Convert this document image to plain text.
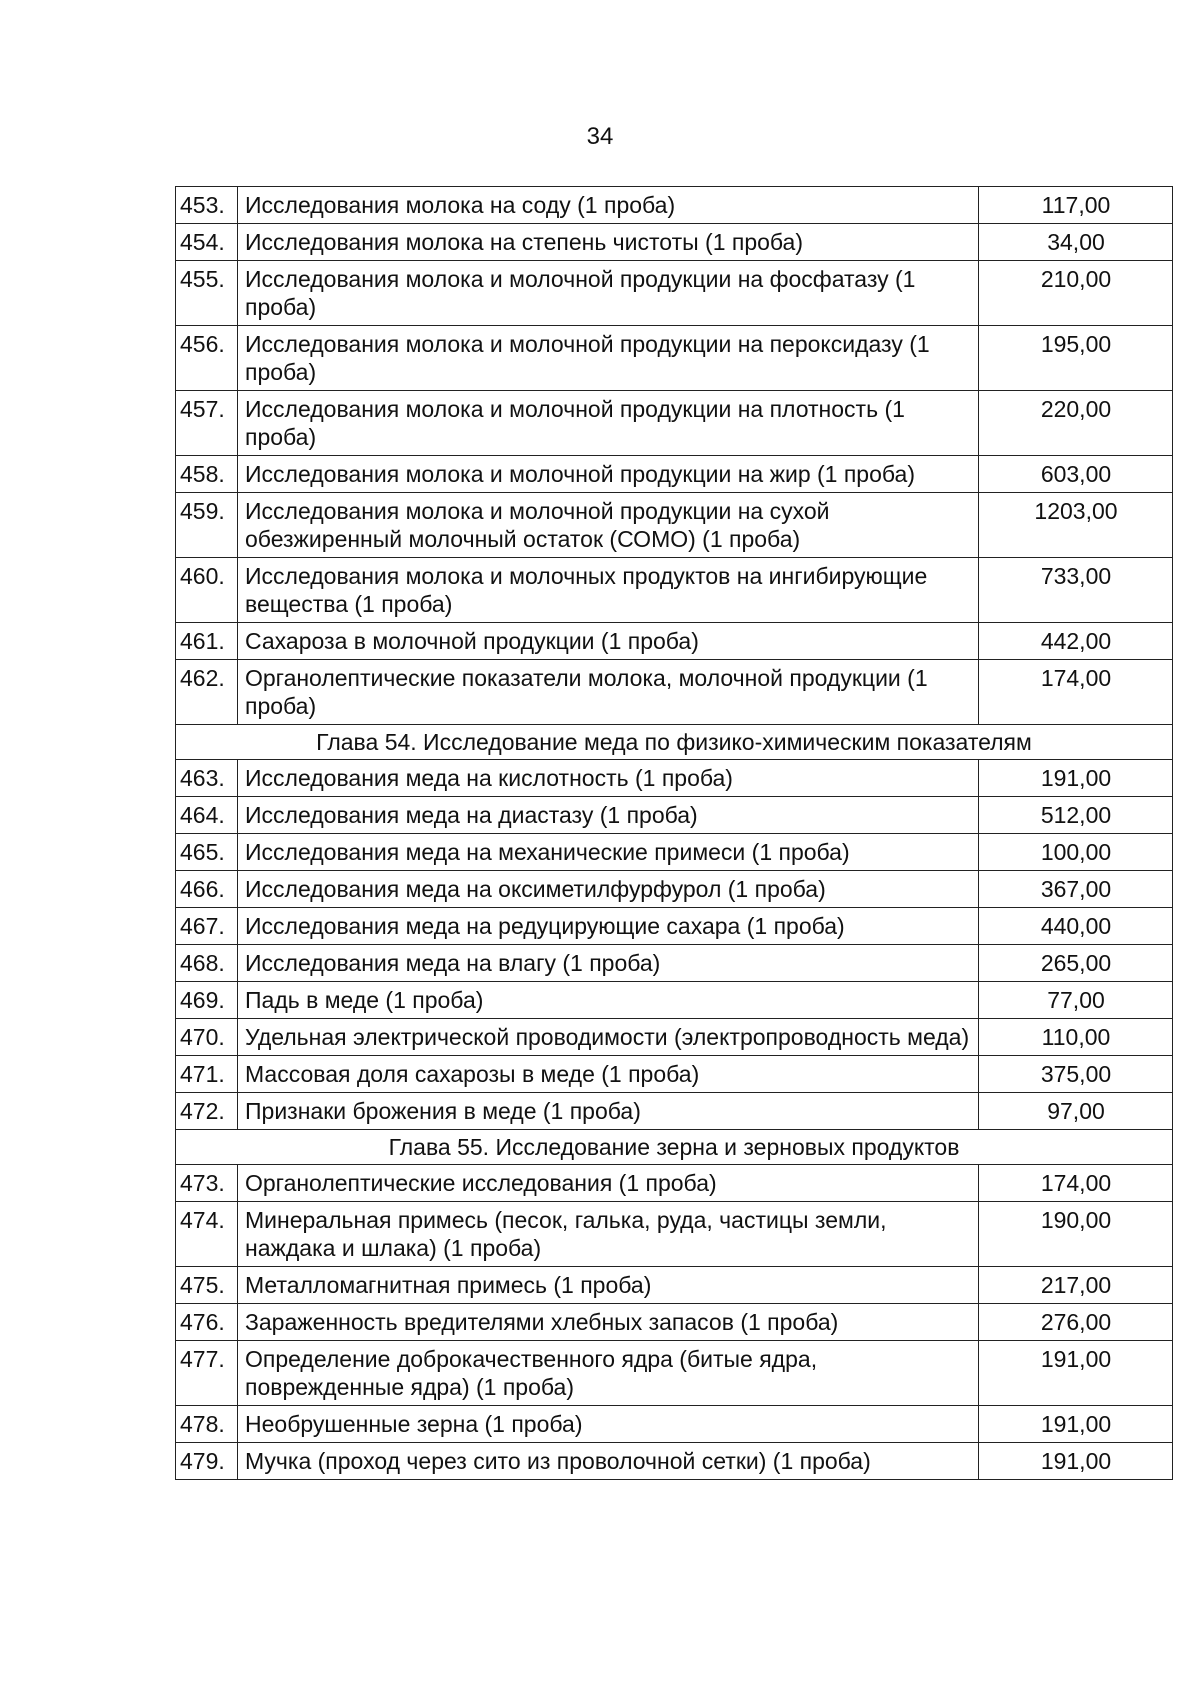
34
453.	Исследования молока на соду (1 проба)	117,00
454.	Исследования молока на степень чистоты (1 проба)	34,00
455.	Исследования молока и молочной продукции на фосфатазу (1 проба)	210,00
456.	Исследования молока и молочной продукции на пероксидазу (1 проба)	195,00
457.	Исследования молока и молочной продукции на плотность (1 проба)	220,00
458.	Исследования молока и молочной продукции на жир (1 проба)	603,00
459.	Исследования молока и молочной продукции на сухой обезжиренный молочный остаток (СОМО) (1 проба)	1203,00
460.	Исследования молока и молочных продуктов на ингибирующие вещества (1 проба)	733,00
461.	Сахароза в молочной продукции (1 проба)	442,00
462.	Органолептические показатели молока, молочной продукции (1 проба)	174,00
Глава 54. Исследование меда по физико-химическим показателям		
463.	Исследования меда на кислотность (1 проба)	191,00
464.	Исследования меда на диастазу (1 проба)	512,00
465.	Исследования меда на механические примеси (1 проба)	100,00
466.	Исследования меда на оксиметилфурфурол (1 проба)	367,00
467.	Исследования меда на редуцирующие сахара (1 проба)	440,00
468.	Исследования меда на влагу (1 проба)	265,00
469.	Падь в меде (1 проба)	77,00
470.	Удельная электрической проводимости (электропроводность меда)	110,00
471.	Массовая доля сахарозы в меде (1 проба)	375,00
472.	Признаки брожения в меде (1 проба)	97,00
Глава 55. Исследование зерна и зерновых продуктов		
473.	Органолептические исследования (1 проба)	174,00
474.	Минеральная примесь (песок, галька, руда, частицы земли, наждака и шлака) (1 проба)	190,00
475.	Металломагнитная примесь (1 проба)	217,00
476.	Зараженность вредителями хлебных запасов (1 проба)	276,00
477.	Определение доброкачественного ядра (битые ядра, поврежденные ядра) (1 проба)	191,00
478.	Необрушенные зерна (1 проба)	191,00
479.	Мучка (проход через сито из проволочной сетки) (1 проба)	191,00
